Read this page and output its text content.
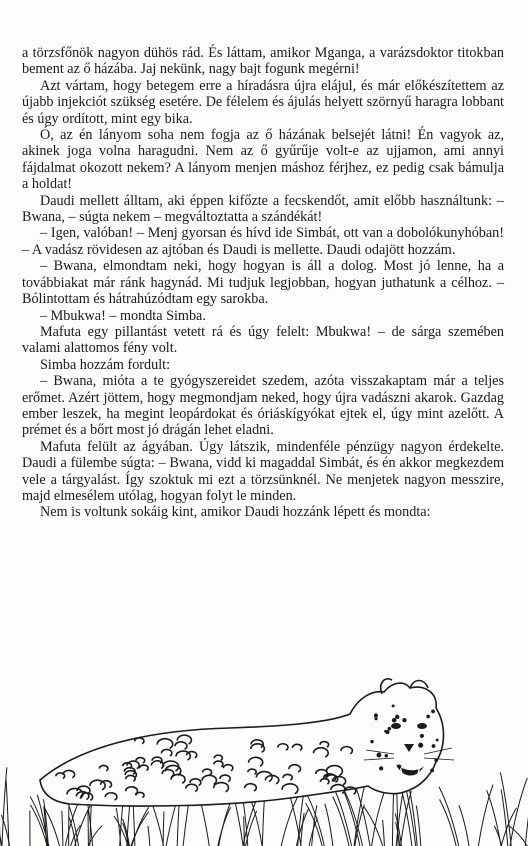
a törzsfőnök nagyon dühös rád. És láttam, amikor Mganga, a varázsdoktor titokban bement az ő házába. Jaj nekünk, nagy bajt fogunk megérni!

Azt vártam, hogy betegem erre a híradásra újra elájul, és már előkészítettem az újabb injekciót szükség esetére. De félelem és ájulás helyett szörnyű haragra lobbant és úgy ordított, mint egy bika.

Ó, az én lányom soha nem fogja az ő házának belsejét látni! Én vagyok az, akinek joga volna haragudni. Nem az ő gyűrűje volt-e az ujjamon, ami annyi fájdalmat okozott nekem? A lányom menjen máshoz férjhez, ez pedig csak bámulja a holdat!

Daudi mellett álltam, aki éppen kifőzte a fecskendőt, amit előbb használtunk: – Bwana, – súgta nekem – megváltoztatta a szándékát!

– Igen, valóban! – Menj gyorsan és hívd ide Simbát, ott van a dobolókunyhóban! – A vadász rövidesen az ajtóban és Daudi is mellette. Daudi odajött hozzám.

– Bwana, elmondtam neki, hogy hogyan is áll a dolog. Most jó lenne, ha a továbbiakat már ránk hagynád. Mi tudjuk legjobban, hogyan juthatunk a célhoz. – Bólintottam és hátrahúzódtam egy sarokba.

– Mbukwa! – mondta Simba.

Mafuta egy pillantást vetett rá és úgy felelt: Mbukwa! – de sárga szemében valami alattomos fény volt.

Simba hozzám fordult:

– Bwana, mióta a te gyógyszereidet szedem, azóta visszakaptam már a teljes erőmet. Azért jöttem, hogy megmondjam neked, hogy újra vadászni akarok. Gazdag ember leszek, ha megint leopárdokat és óriáskígyókat ejtek el, úgy mint azelőtt. A prémet és a bőrt most jó drágán lehet eladni.

Mafuta felült az ágyában. Úgy látszik, mindenféle pénzügy nagyon érdekelte. Daudi a fülembe súgta: – Bwana, vidd ki magaddal Simbát, és én akkor megkezdem vele a tárgyalást. Így szoktuk mi ezt a törzsünknél. Ne menjetek nagyon messzire, majd elmesélem utólag, hogyan folyt le minden.

Nem is voltunk sokáig kint, amikor Daudi hozzánk lépett és mondta:
